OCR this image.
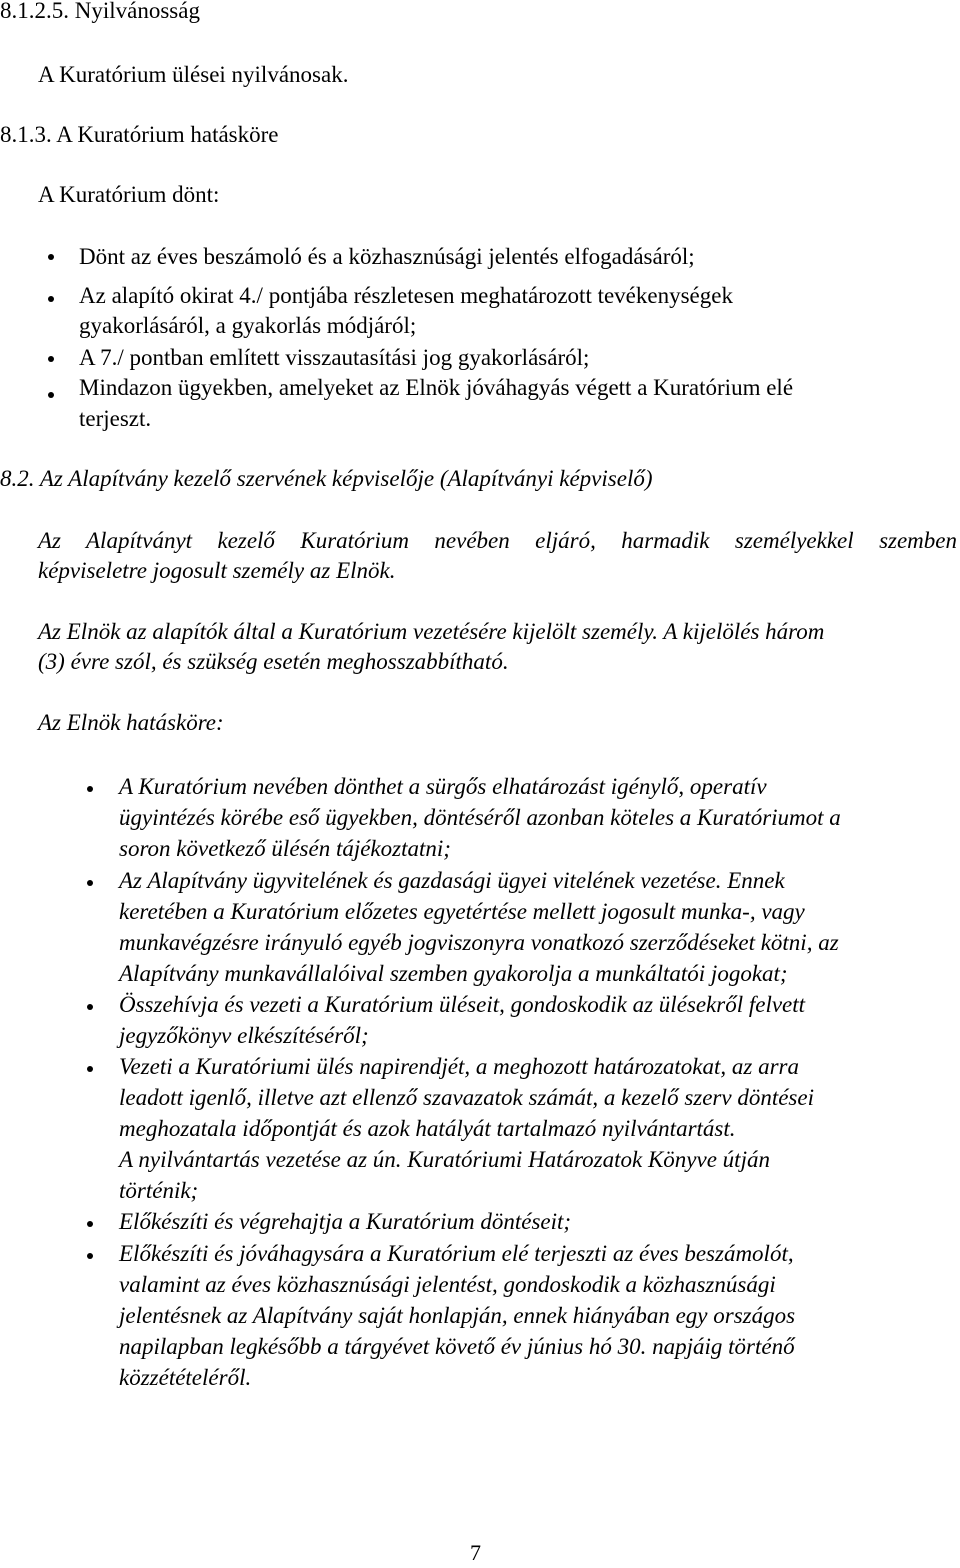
8.1.2.5. Nyilvánosság
A Kuratórium ülései nyilvánosak.
8.1.3. A Kuratórium hatásköre
A Kuratórium dönt:
Dönt az éves beszámoló és a közhasznúsági jelentés elfogadásáról;
Az alapító okirat 4./ pontjába részletesen meghatározott tevékenységek
gyakorlásáról, a gyakorlás módjáról;
A 7./ pontban említett visszautasítási jog gyakorlásáról;
Mindazon ügyekben, amelyeket az Elnök jóváhagyás végett a Kuratórium elé
terjeszt.
8.2. Az Alapítvány kezelő szervének képviselője (Alapítványi képviselő)
Az Alapítványt kezelő Kuratórium nevében eljáró, harmadik személyekkel szemben
képviseletre jogosult személy az Elnök.
Az Elnök az alapítók által a Kuratórium vezetésére kijelölt személy. A kijelölés három
(3) évre szól, és szükség esetén meghosszabbítható.
Az Elnök hatásköre:
A Kuratórium nevében dönthet a sürgős elhatározást igénylő, operatív
ügyintézés körébe eső ügyekben, döntéséről azonban köteles a Kuratóriumot a
soron következő ülésén tájékoztatni;
Az Alapítvány ügyvitelének és gazdasági ügyei vitelének vezetése. Ennek
keretében a Kuratórium előzetes egyetértése mellett jogosult munka-, vagy
munkavégzésre irányuló egyéb jogviszonyra vonatkozó szerződéseket kötni, az
Alapítvány munkavállalóival szemben gyakorolja a munkáltatói jogokat;
Összehívja és vezeti a Kuratórium üléseit, gondoskodik az ülésekről felvett
jegyzőkönyv elkészítéséről;
Vezeti a Kuratóriumi ülés napirendjét, a meghozott határozatokat, az arra
leadott igenlő, illetve azt ellenző szavazatok számát, a kezelő szerv döntései
meghozatala időpontját és azok hatályát tartalmazó nyilvántartást.
A nyilvántartás vezetése az ún. Kuratóriumi Határozatok Könyve útján
történik;
Előkészíti és végrehajtja a Kuratórium döntéseit;
Előkészíti és jóváhagysára a Kuratórium elé terjeszti az éves beszámolót,
valamint az éves közhasznúsági jelentést, gondoskodik a közhasznúsági
jelentésnek az Alapítvány saját honlapján, ennek hiányában egy országos
napilapban legkésőbb a tárgyévet követő év június hó 30. napjáig történő
közzétételéről.
7
